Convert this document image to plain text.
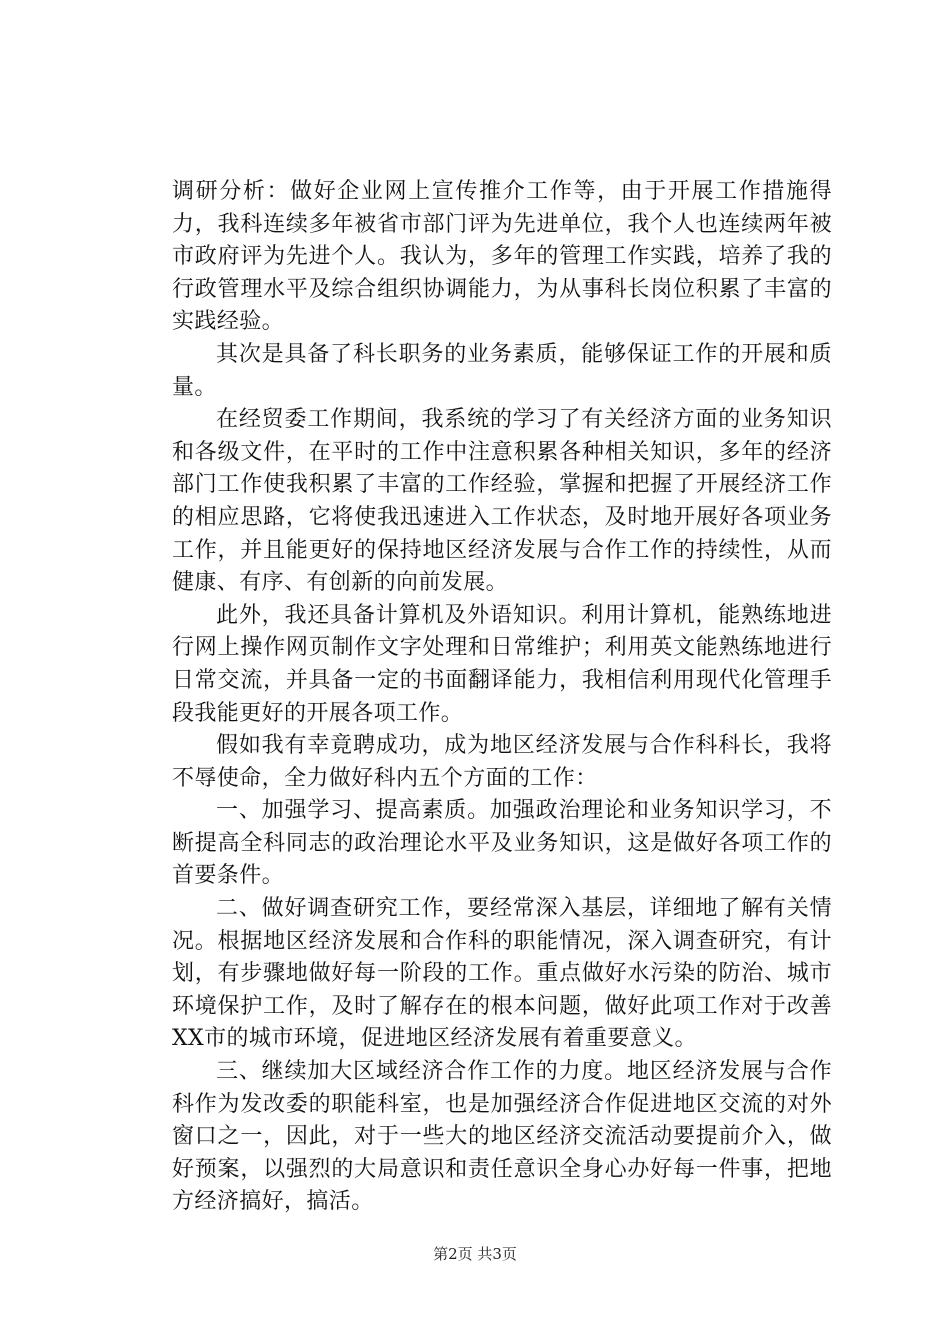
调研分析：做好企业网上宣传推介工作等，由于开展工作措施得力，我科连续多年被省市部门评为先进单位，我个人也连续两年被市政府评为先进个人。我认为，多年的管理工作实践，培养了我的行政管理水平及综合组织协调能力，为从事科长岗位积累了丰富的实践经验。

其次是具备了科长职务的业务素质，能够保证工作的开展和质量。

在经贸委工作期间，我系统的学习了有关经济方面的业务知识和各级文件，在平时的工作中注意积累各种相关知识，多年的经济部门工作使我积累了丰富的工作经验，掌握和把握了开展经济工作的相应思路，它将使我迅速进入工作状态，及时地开展好各项业务工作，并且能更好的保持地区经济发展与合作工作的持续性，从而健康、有序、有创新的向前发展。

此外，我还具备计算机及外语知识。利用计算机，能熟练地进行网上操作网页制作文字处理和日常维护；利用英文能熟练地进行日常交流，并具备一定的书面翻译能力，我相信利用现代化管理手段我能更好的开展各项工作。

假如我有幸竟聘成功，成为地区经济发展与合作科科长，我将不辱使命，全力做好科内五个方面的工作：

一、加强学习、提高素质。加强政治理论和业务知识学习，不断提高全科同志的政治理论水平及业务知识，这是做好各项工作的首要条件。

二、做好调查研究工作，要经常深入基层，详细地了解有关情况。根据地区经济发展和合作科的职能情况，深入调查研究，有计划，有步骤地做好每一阶段的工作。重点做好水污染的防治、城市环境保护工作，及时了解存在的根本问题，做好此项工作对于改善XX市的城市环境，促进地区经济发展有着重要意义。

三、继续加大区域经济合作工作的力度。地区经济发展与合作科作为发改委的职能科室，也是加强经济合作促进地区交流的对外窗口之一，因此，对于一些大的地区经济交流活动要提前介入，做好预案，以强烈的大局意识和责任意识全身心办好每一件事，把地方经济搞好，搞活。

第2页 共3页
